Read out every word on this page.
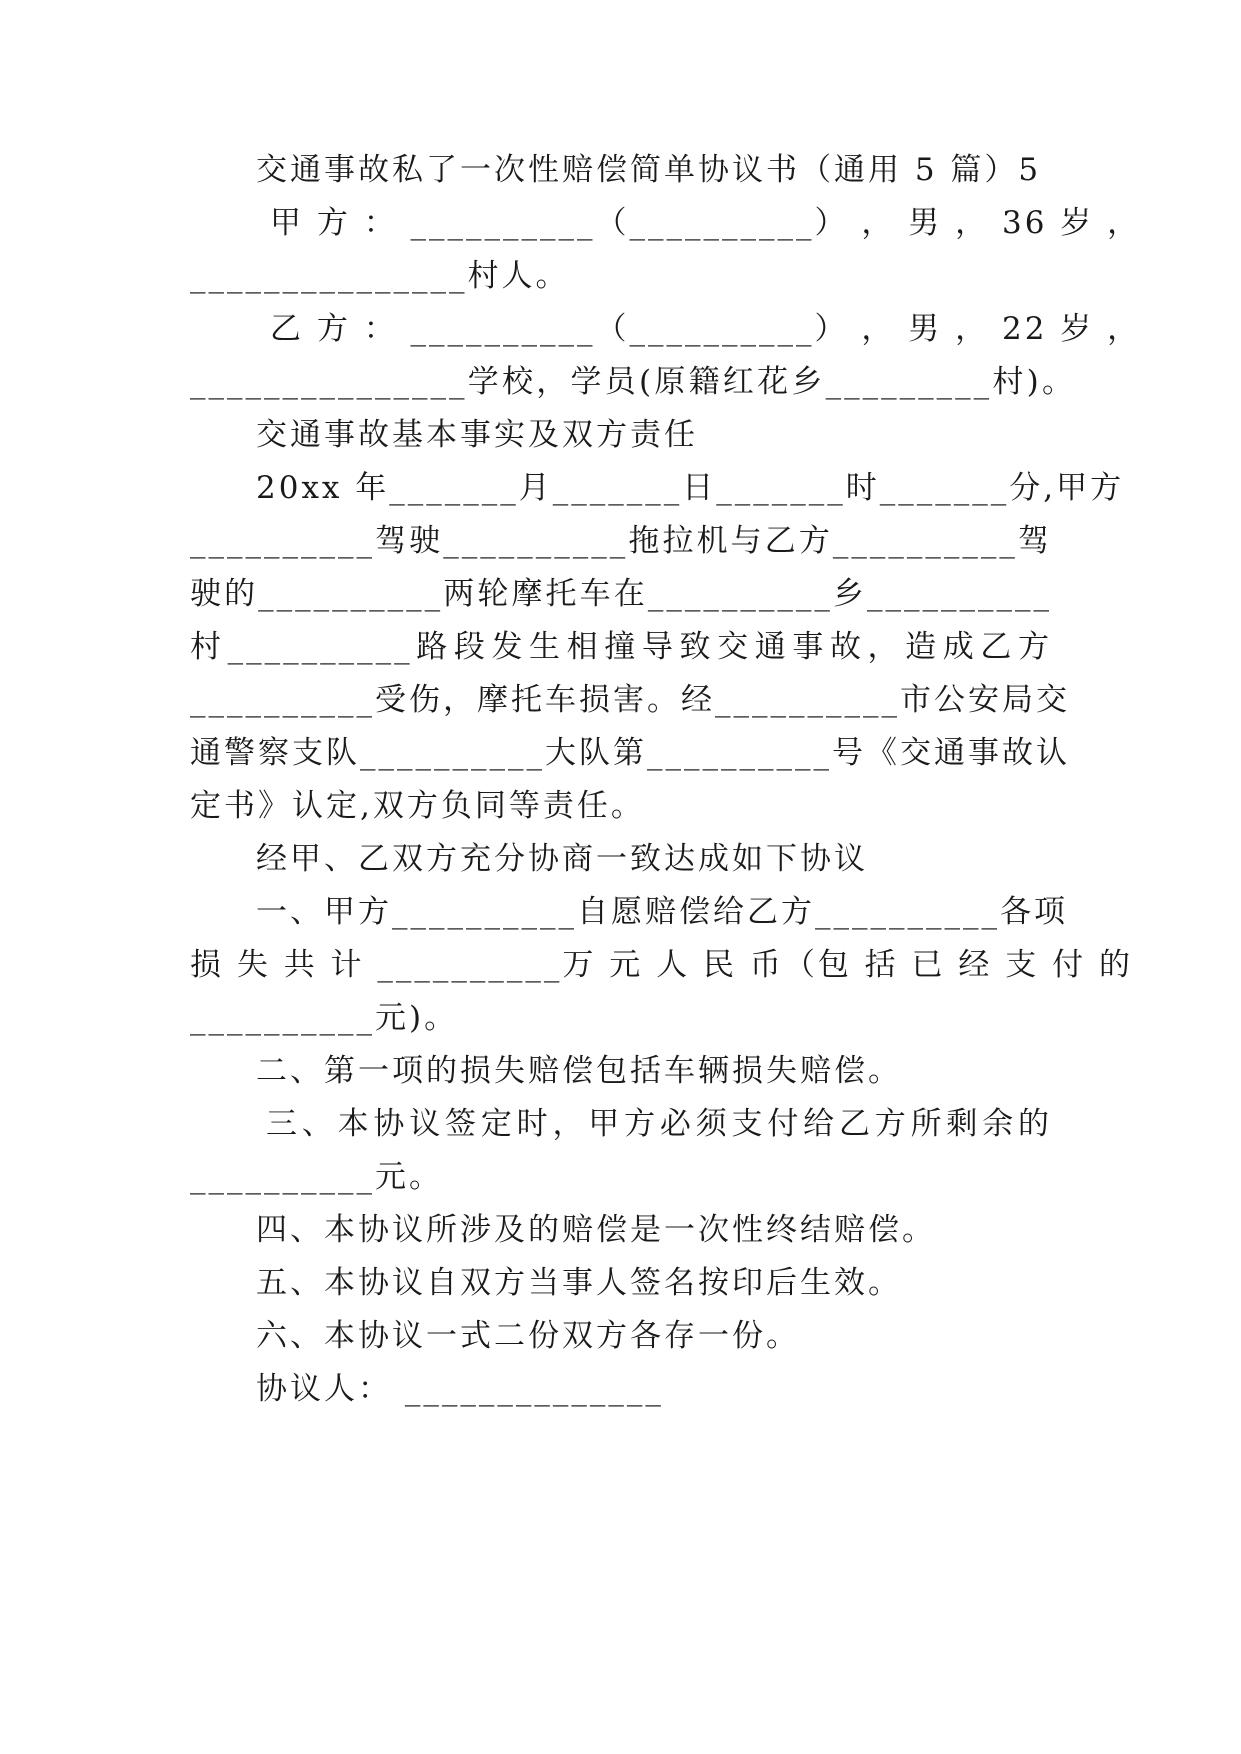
交通事故私了一次性赔偿简单协议书（通用 5 篇）5
甲 方 ： __________（__________） ， 男 ， 36 岁 ，
_______________村人。
乙 方 ： __________（__________） ， 男 ， 22 岁 ，
_______________学校，学员(原籍红花乡_________村)。
交通事故基本事实及双方责任
20xx 年_______月_______日_______时_______分,甲方
__________驾驶__________拖拉机与乙方__________驾
驶的__________两轮摩托车在__________乡__________
村__________路段发生相撞导致交通事故，造成乙方
__________受伤，摩托车损害。经__________市公安局交
通警察支队__________大队第__________号《交通事故认
定书》认定,双方负同等责任。
经甲、乙双方充分协商一致达成如下协议
一、甲方__________自愿赔偿给乙方__________各项
损 失 共 计 __________万 元 人 民 币（包 括 已 经 支 付 的
__________元)。
二、第一项的损失赔偿包括车辆损失赔偿。
三、本协议签定时，甲方必须支付给乙方所剩余的
__________元。
四、本协议所涉及的赔偿是一次性终结赔偿。
五、本协议自双方当事人签名按印后生效。
六、本协议一式二份双方各存一份。
协议人： ______________
